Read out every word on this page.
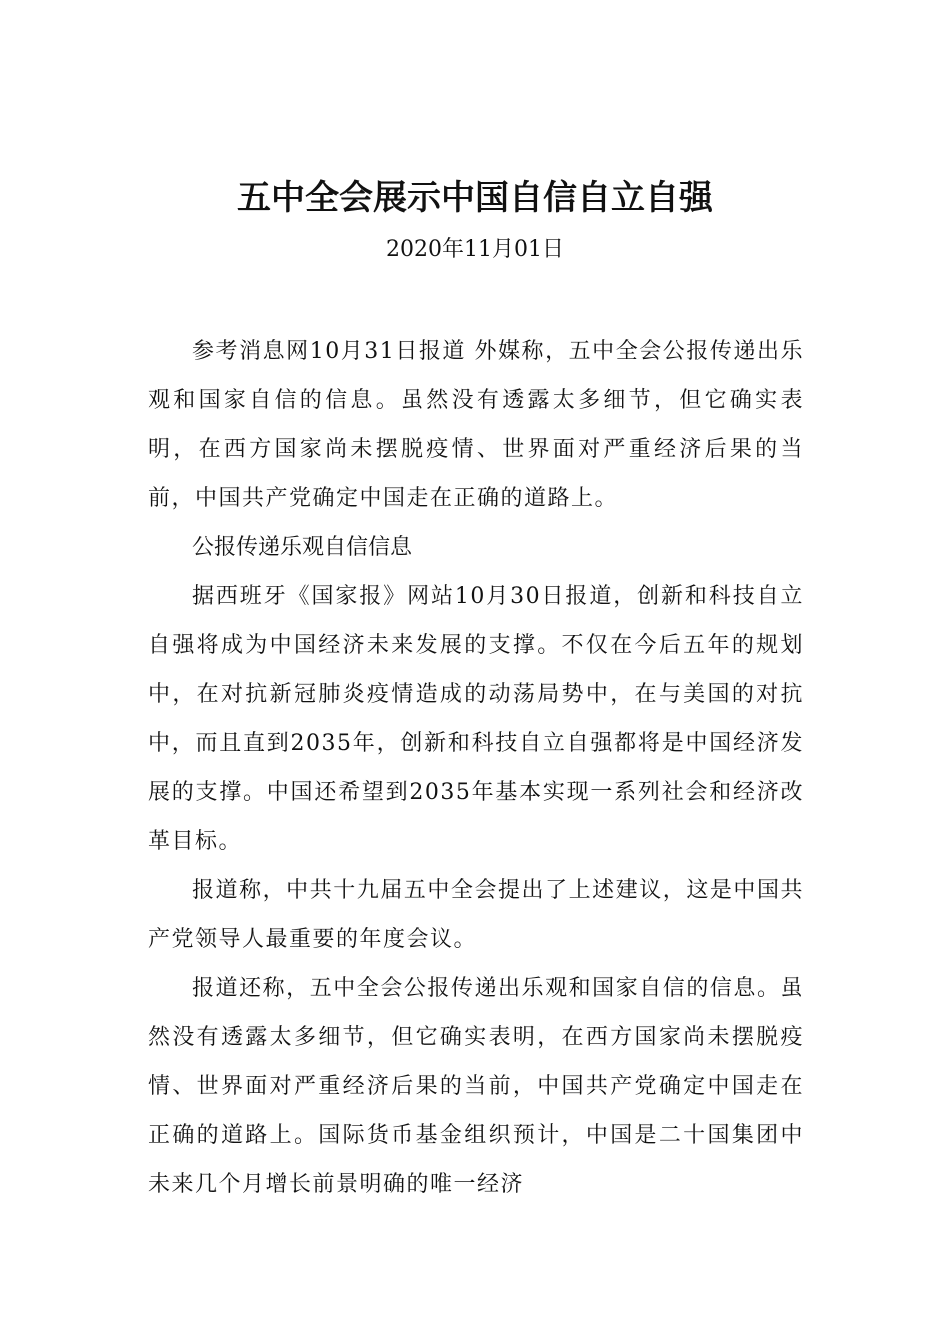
五中全会展示中国自信自立自强

2020年11月01日

参考消息网10月31日报道 外媒称，五中全会公报传递出乐观和国家自信的信息。虽然没有透露太多细节，但它确实表明，在西方国家尚未摆脱疫情、世界面对严重经济后果的当前，中国共产党确定中国走在正确的道路上。

公报传递乐观自信信息

据西班牙《国家报》网站10月30日报道，创新和科技自立自强将成为中国经济未来发展的支撑。不仅在今后五年的规划中，在对抗新冠肺炎疫情造成的动荡局势中，在与美国的对抗中，而且直到2035年，创新和科技自立自强都将是中国经济发展的支撑。中国还希望到2035年基本实现一系列社会和经济改革目标。

报道称，中共十九届五中全会提出了上述建议，这是中国共产党领导人最重要的年度会议。

报道还称，五中全会公报传递出乐观和国家自信的信息。虽然没有透露太多细节，但它确实表明，在西方国家尚未摆脱疫情、世界面对严重经济后果的当前，中国共产党确定中国走在正确的道路上。国际货币基金组织预计，中国是二十国集团中未来几个月增长前景明确的唯一经济
